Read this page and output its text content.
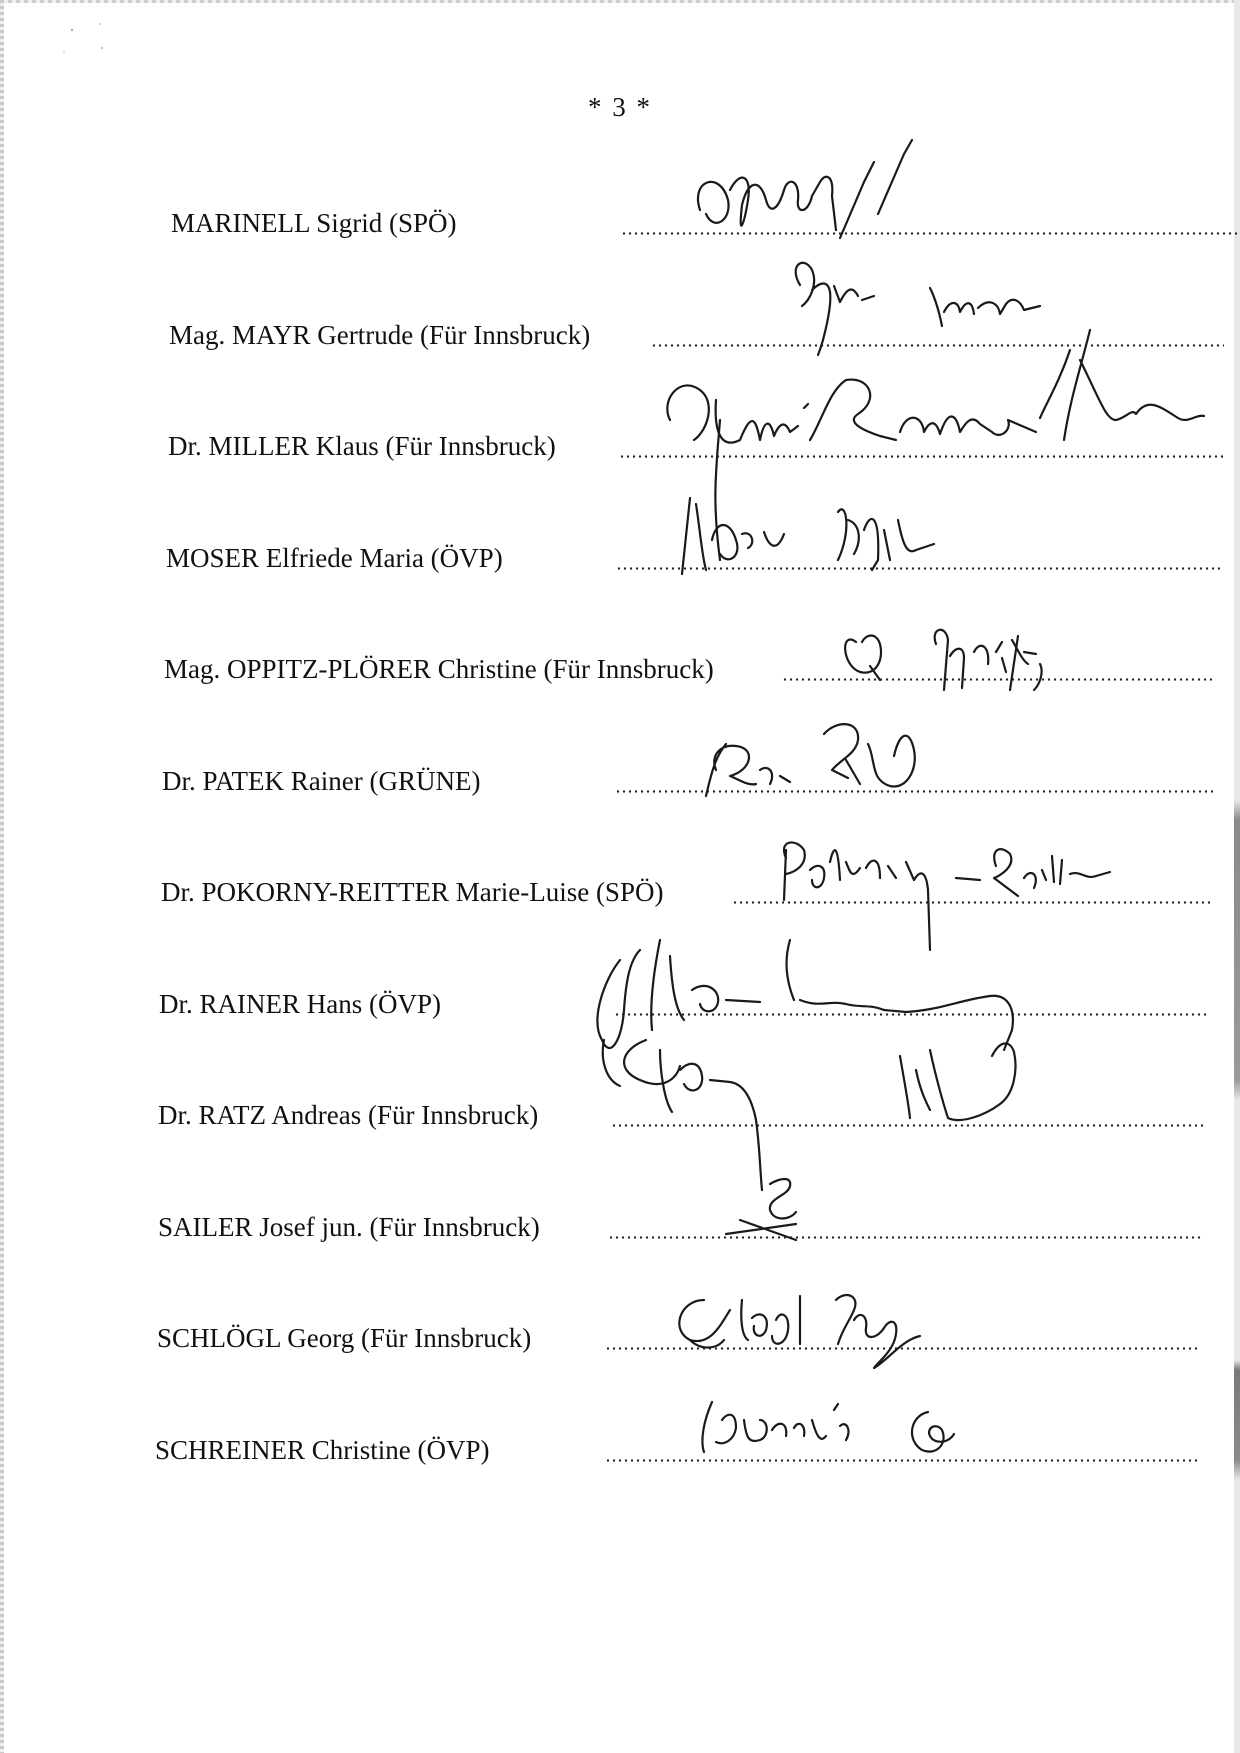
* 3 *
MARINELL Sigrid (SPÖ)
Mag. MAYR Gertrude (Für Innsbruck)
Dr. MILLER Klaus (Für Innsbruck)
MOSER Elfriede Maria (ÖVP)
Mag. OPPITZ-PLÖRER Christine (Für Innsbruck)
Dr. PATEK Rainer (GRÜNE)
Dr. POKORNY-REITTER Marie-Luise (SPÖ)
Dr. RAINER Hans (ÖVP)
Dr. RATZ Andreas (Für Innsbruck)
SAILER Josef jun. (Für Innsbruck)
SCHLÖGL Georg (Für Innsbruck)
SCHREINER Christine (ÖVP)
